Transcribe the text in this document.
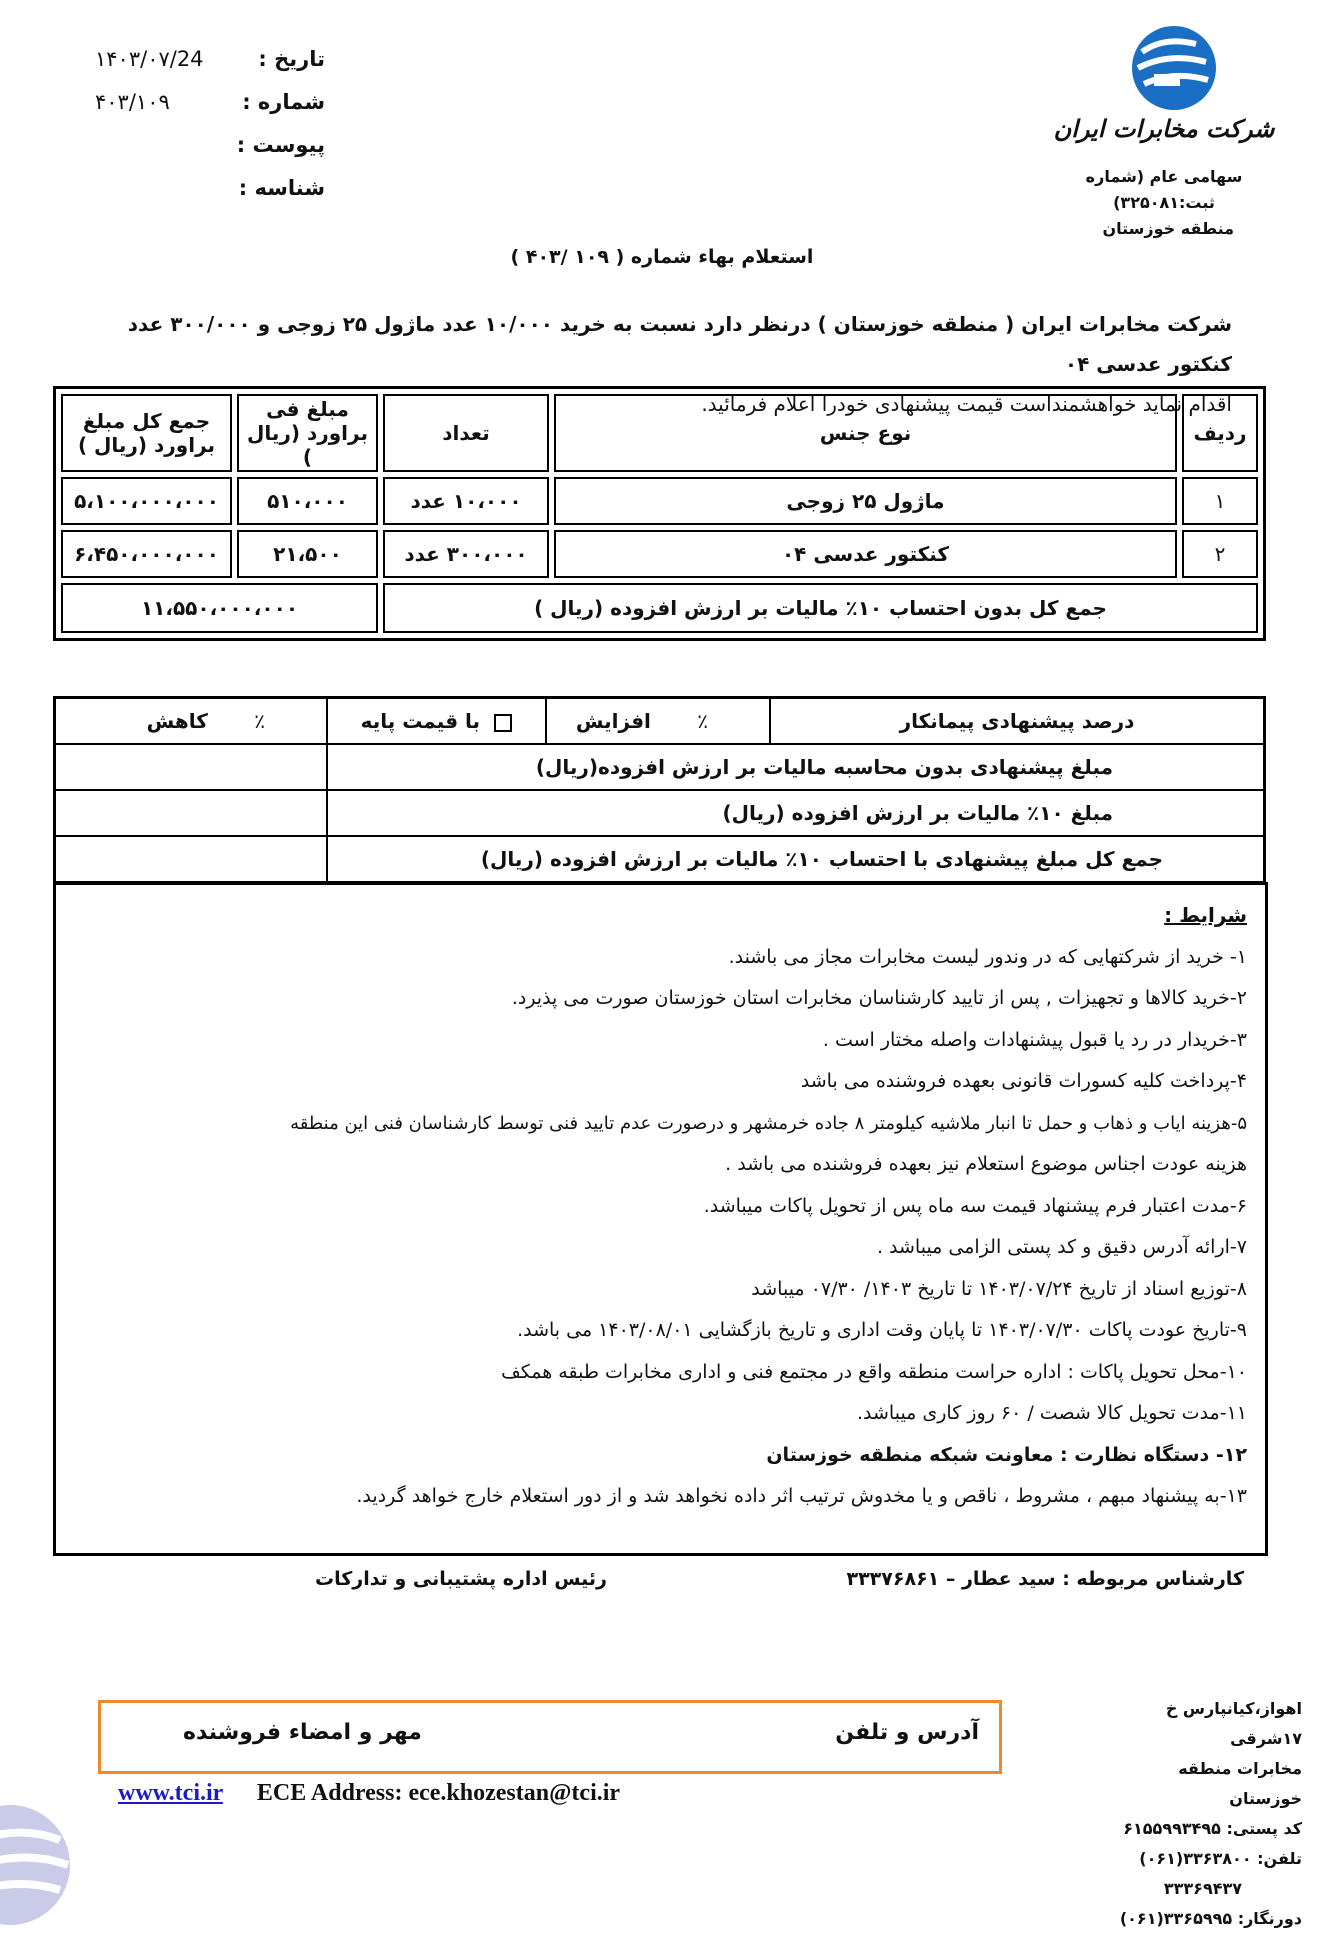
تاریخ :
۱۴۰۳/۰۷/24
شماره :
۴۰۳/۱۰۹
پیوست :
شناسه :
شرکت مخابرات ایران
سهامی عام (شماره ثبت:۳۲۵۰۸۱)
منطقه خوزستان
استعلام بهاء شماره ( ۱۰۹ /۴۰۳ )
شرکت مخابرات ایران ( منطقه خوزستان ) درنظر دارد نسبت به خرید ۱۰/۰۰۰ عدد ماژول ۲۵ زوجی و ۳۰۰/۰۰۰ عدد کنکتور عدسی ۰۴
اقدام نماید خواهشمنداست قیمت پیشنهادی خودرا اعلام فرمائید.
ردیف	نوع جنس	تعداد	مبلغ فی براورد (ریال )	جمع کل مبلغ براورد (ریال )
۱	ماژول ۲۵ زوجی	۱۰،۰۰۰ عدد	۵۱۰،۰۰۰	۵،۱۰۰،۰۰۰،۰۰۰
۲	کنکتور عدسی ۰۴	۳۰۰،۰۰۰ عدد	۲۱،۵۰۰	۶،۴۵۰،۰۰۰،۰۰۰
جمع کل بدون احتساب ۱۰٪ مالیات بر ارزش افزوده (ریال )			۱۱،۵۵۰،۰۰۰،۰۰۰	
درصد پیشنهادی پیمانکار	٪ افزایش	با قیمت پایه	٪ کاهش
مبلغ پیشنهادی بدون محاسبه مالیات بر ارزش افزوده(ریال)			
مبلغ ۱۰٪ مالیات بر ارزش افزوده (ریال)			
جمع کل مبلغ پیشنهادی با احتساب ۱۰٪ مالیات بر ارزش افزوده (ریال)			
شرایط :
۱- خرید از شرکتهایی که در وندور لیست مخابرات مجاز می باشند.
۲-خرید کالاها و تجهیزات , پس از تایید کارشناسان مخابرات استان خوزستان صورت می پذیرد.
۳-خریدار در رد یا قبول پیشنهادات واصله مختار است .
۴-پرداخت کلیه کسورات قانونی بعهده فروشنده می باشد
۵-هزینه ایاب و ذهاب و حمل تا انبار ملاشیه کیلومتر ۸ جاده خرمشهر و درصورت عدم تایید فنی توسط کارشناسان فنی این منطقه
هزینه عودت اجناس موضوع استعلام نیز بعهده فروشنده می باشد .
۶-مدت اعتبار فرم پیشنهاد قیمت سه ماه پس از تحویل پاکات میباشد.
۷-ارائه آدرس دقیق و کد پستی الزامی میباشد .
۸-توزیع اسناد از تاریخ ۱۴۰۳/۰۷/۲۴ تا تاریخ ۱۴۰۳/ ۰۷/۳۰ میباشد
۹-تاریخ عودت پاکات ۱۴۰۳/۰۷/۳۰ تا پایان وقت اداری و تاریخ بازگشایی ۱۴۰۳/۰۸/۰۱ می باشد.
۱۰-محل تحویل پاکات : اداره حراست منطقه واقع در مجتمع فنی و اداری مخابرات طبقه همکف
۱۱-مدت تحویل کالا شصت / ۶۰ روز کاری میباشد.
۱۲- دستگاه نظارت : معاونت شبکه منطقه خوزستان
۱۳-به پیشنهاد مبهم ، مشروط ، ناقص و یا مخدوش ترتیب اثر داده نخواهد شد و از دور استعلام خارج خواهد گردید.
کارشناس مربوطه : سید عطار – ۳۳۳۷۶۸۶۱
رئیس اداره پشتیبانی و تدارکات
آدرس و تلفن
مهر و امضاء فروشنده
www.tci.ir ECE Address: ece.khozestan@tci.ir
اهواز،کیانپارس خ ۱۷شرقی
مخابرات منطقه خوزستان
کد پستی: ۶۱۵۵۹۹۳۴۹۵
تلفن: ۳۳۶۳۸۰۰(۰۶۱)
۳۳۳۶۹۴۳۷
دورنگار: ۳۳۶۵۹۹۵(۰۶۱)
